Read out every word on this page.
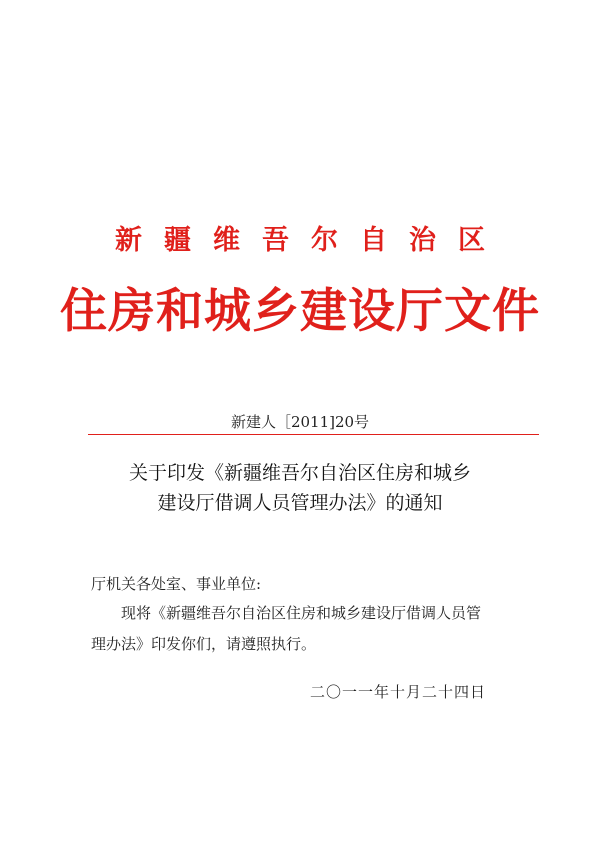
新疆维吾尔自治区
住房和城乡建设厅文件
新建人［2011]20号
关于印发《新疆维吾尔自治区住房和城乡
建设厅借调人员管理办法》的通知
厅机关各处室、事业单位:
现将《新疆维吾尔自治区住房和城乡建设厅借调人员管
理办法》印发你们，请遵照执行。
二〇一一年十月二十四日
